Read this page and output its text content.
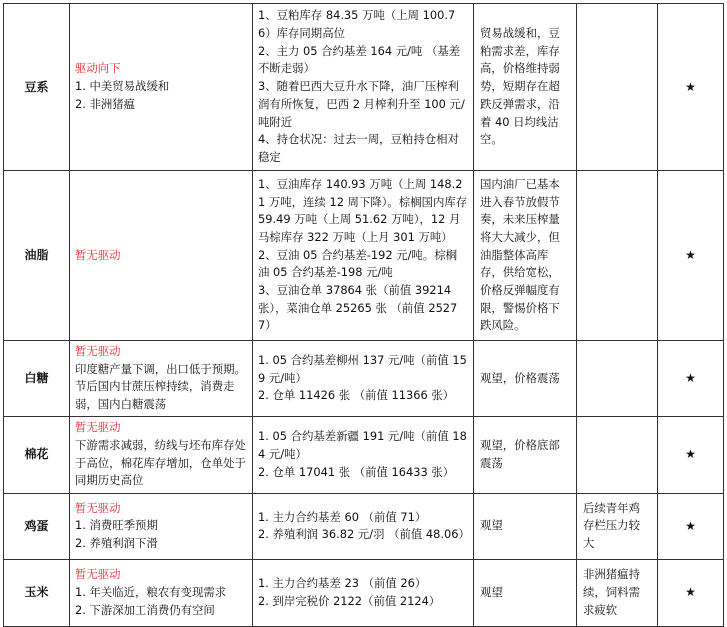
豆系	驱动向下
1. 中美贸易战缓和
2. 非洲猪瘟	1、豆粕库存 84.35 万吨（上周 100.76）库存同期高位
2、主力 05 合约基差 164 元/吨 （基差不断走弱）
3、随着巴西大豆升水下降，油厂压榨利润有所恢复，巴西 2 月榨利升至 100 元/吨附近
4、持仓状况：过去一周，豆粕持仓相对稳定	贸易战缓和，豆粕需求差，库存高，价格维持弱势，短期存在超跌反弹需求，沿着 40 日均线沽空。		★
油脂	暂无驱动	1、豆油库存 140.93 万吨（上周 148.21 万吨，连续 12 周下降）。棕榈国内库存 59.49 万吨（上周 51.62 万吨），12 月马棕库存 322 万吨（上月 301 万吨）
2、豆油 05 合约基差-192 元/吨。棕榈油 05 合约基差-198 元/吨
3、豆油仓单 37864 张（前值 39214 张），菜油仓单 25265 张 （前值 25277）	国内油厂已基本进入春节放假节奏，未来压榨量将大大减少，但油脂整体高库存，供给宽松，价格反弹幅度有限，警惕价格下跌风险。		★
白糖	暂无驱动
印度糖产量下调，出口低于预期。节后国内甘蔗压榨持续，消费走弱，国内白糖震荡	1. 05 合约基差柳州 137 元/吨（前值 159 元/吨）
2. 仓单 11426 张 （前值 11366 张）	观望，价格震荡		★
棉花	暂无驱动
下游需求减弱，纺线与坯布库存处于高位，棉花库存增加，仓单处于同期历史高位	1. 05 合约基差新疆 191 元/吨（前值 184 元/吨）
2. 仓单 17041 张 （前值 16433 张）	观望，价格底部震荡		★
鸡蛋	暂无驱动
1. 消费旺季预期
2. 养殖利润下滑	1. 主力合约基差 60 （前值 71）
2. 养殖利润 36.82 元/羽 （前值 48.06）	观望	后续青年鸡存栏压力较大	★
玉米	暂无驱动
1. 年关临近，粮农有变现需求
2. 下游深加工消费仍有空间	1. 主力合约基差 23 （前值 26）
2. 到岸完税价 2122（前值 2124）	观望	非洲猪瘟持续，饲料需求疲软	★
